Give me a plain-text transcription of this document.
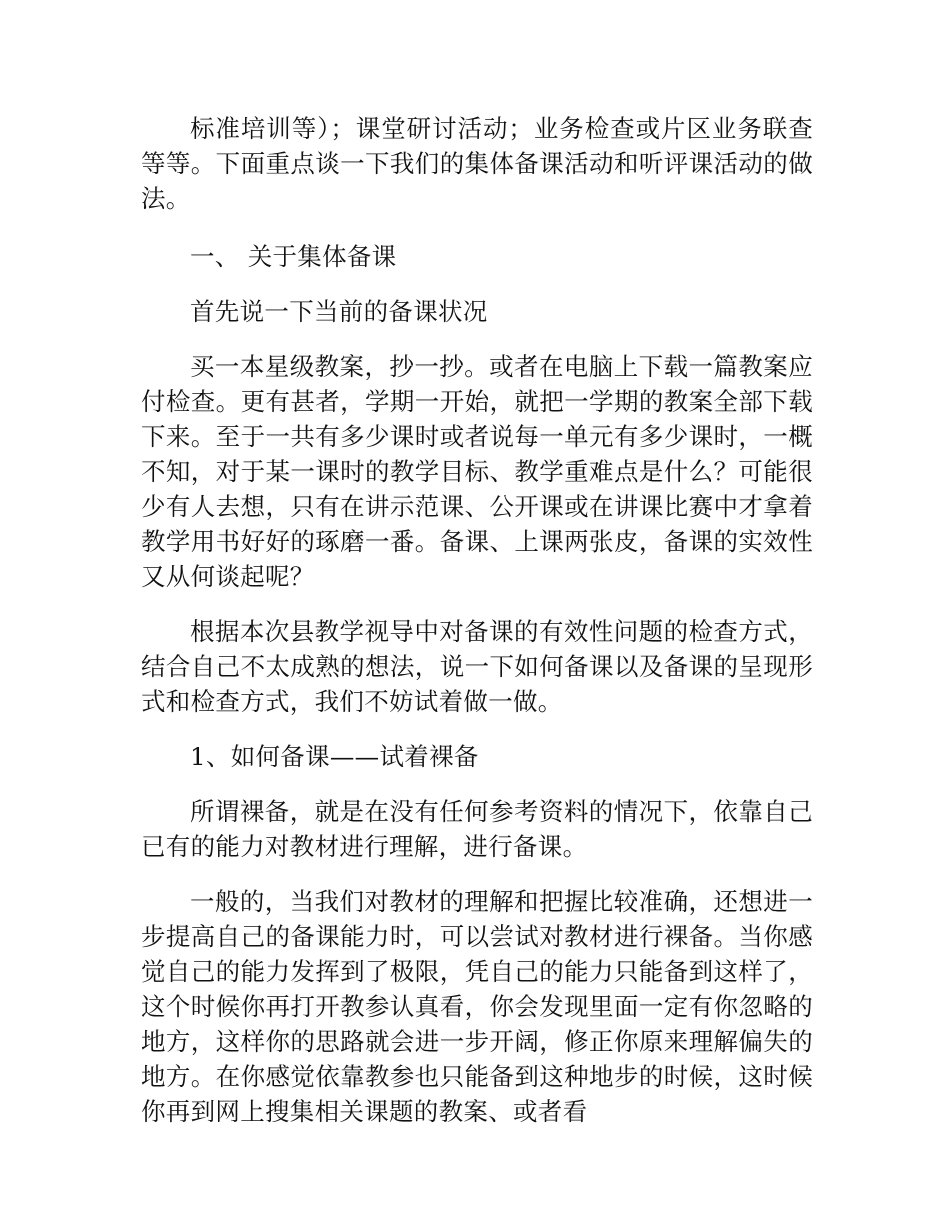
标准培训等）；课堂研讨活动；业务检查或片区业务联查等等。下面重点谈一下我们的集体备课活动和听评课活动的做法。

一、 关于集体备课

首先说一下当前的备课状况

买一本星级教案，抄一抄。或者在电脑上下载一篇教案应付检查。更有甚者，学期一开始，就把一学期的教案全部下载下来。至于一共有多少课时或者说每一单元有多少课时，一概不知，对于某一课时的教学目标、教学重难点是什么？可能很少有人去想，只有在讲示范课、公开课或在讲课比赛中才拿着教学用书好好的琢磨一番。备课、上课两张皮，备课的实效性又从何谈起呢？

根据本次县教学视导中对备课的有效性问题的检查方式，结合自己不太成熟的想法，说一下如何备课以及备课的呈现形式和检查方式，我们不妨试着做一做。

1、如何备课——试着裸备

所谓裸备，就是在没有任何参考资料的情况下，依靠自己已有的能力对教材进行理解，进行备课。

一般的，当我们对教材的理解和把握比较准确，还想进一步提高自己的备课能力时，可以尝试对教材进行裸备。当你感觉自己的能力发挥到了极限，凭自己的能力只能备到这样了，这个时候你再打开教参认真看，你会发现里面一定有你忽略的地方，这样你的思路就会进一步开阔，修正你原来理解偏失的地方。在你感觉依靠教参也只能备到这种地步的时候，这时候你再到网上搜集相关课题的教案、或者看
